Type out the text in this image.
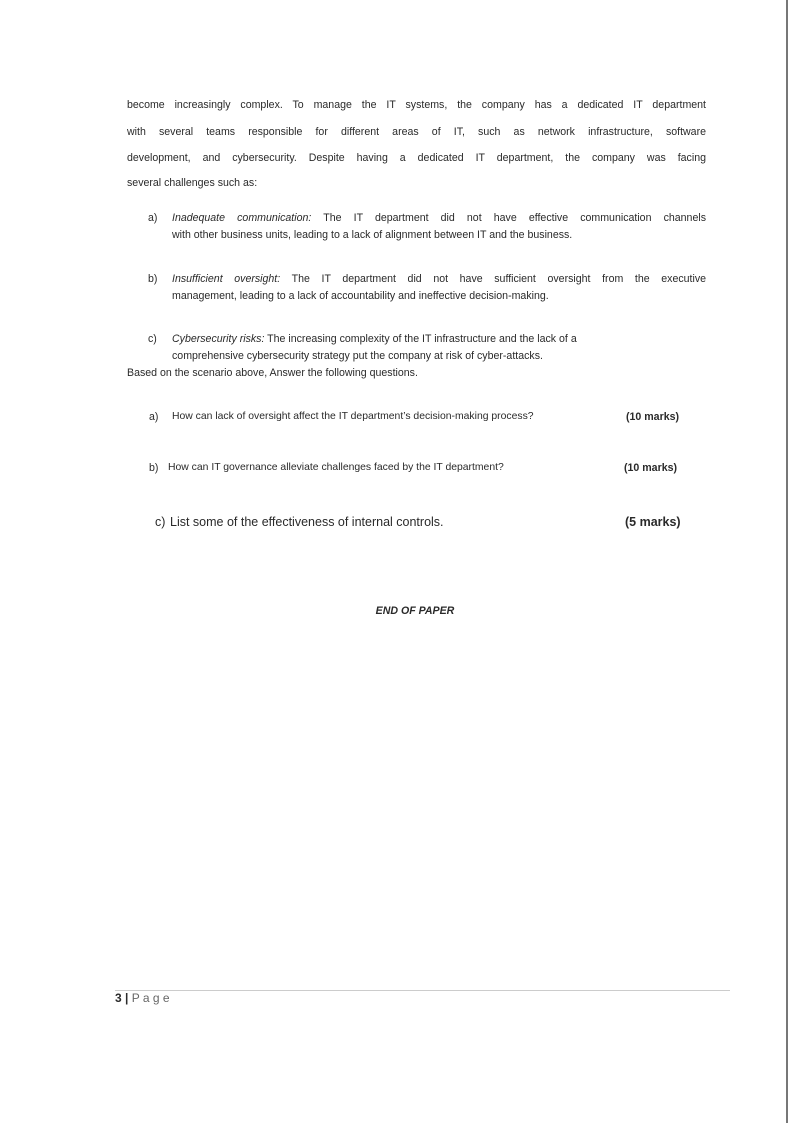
become increasingly complex. To manage the IT systems, the company has a dedicated IT department
with several teams responsible for different areas of IT, such as network infrastructure, software
development, and cybersecurity. Despite having a dedicated IT department, the company was facing
several challenges such as:
a) Inadequate communication: The IT department did not have effective communication channels
with other business units, leading to a lack of alignment between IT and the business.
b) Insufficient oversight: The IT department did not have sufficient oversight from the executive
management, leading to a lack of accountability and ineffective decision-making.
c) Cybersecurity risks: The increasing complexity of the IT infrastructure and the lack of a
comprehensive cybersecurity strategy put the company at risk of cyber-attacks.
Based on the scenario above, Answer the following questions.
a) How can lack of oversight affect the IT department’s decision-making process?	(10 marks)
b) How can IT governance alleviate challenges faced by the IT department?	(10 marks)
c) List some of the effectiveness of internal controls.	(5 marks)
END OF PAPER
3 | P a g e
